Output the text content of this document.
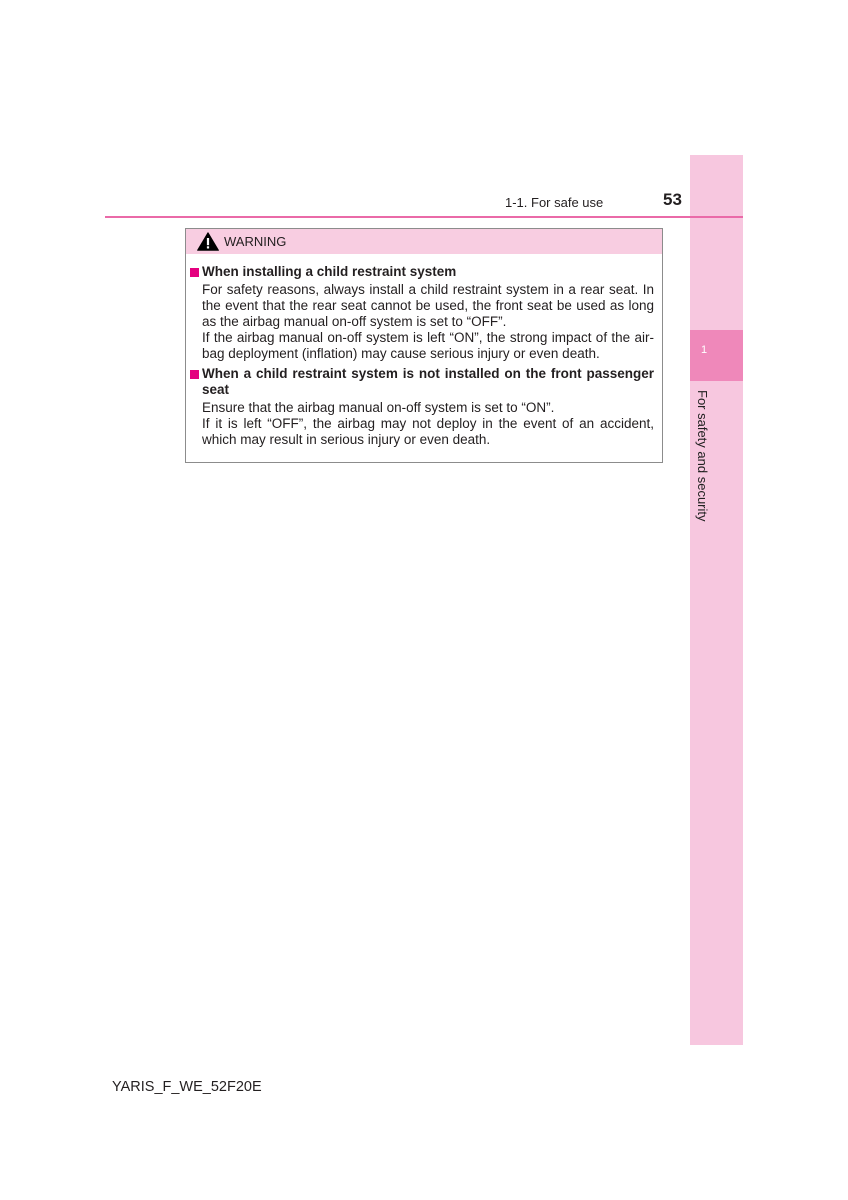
1
For safety and security
1-1. For safe use	53
WARNING
When installing a child restraint system
For safety reasons, always install a child restraint system in a rear seat. In
the event that the rear seat cannot be used, the front seat be used as long
as the airbag manual on-off system is set to “OFF”.
If the airbag manual on-off system is left “ON”, the strong impact of the air-
bag deployment (inflation) may cause serious injury or even death.
When a child restraint system is not installed on the front passenger
seat
Ensure that the airbag manual on-off system is set to “ON”.
If it is left “OFF”, the airbag may not deploy in the event of an accident,
which may result in serious injury or even death.
YARIS_F_WE_52F20E
